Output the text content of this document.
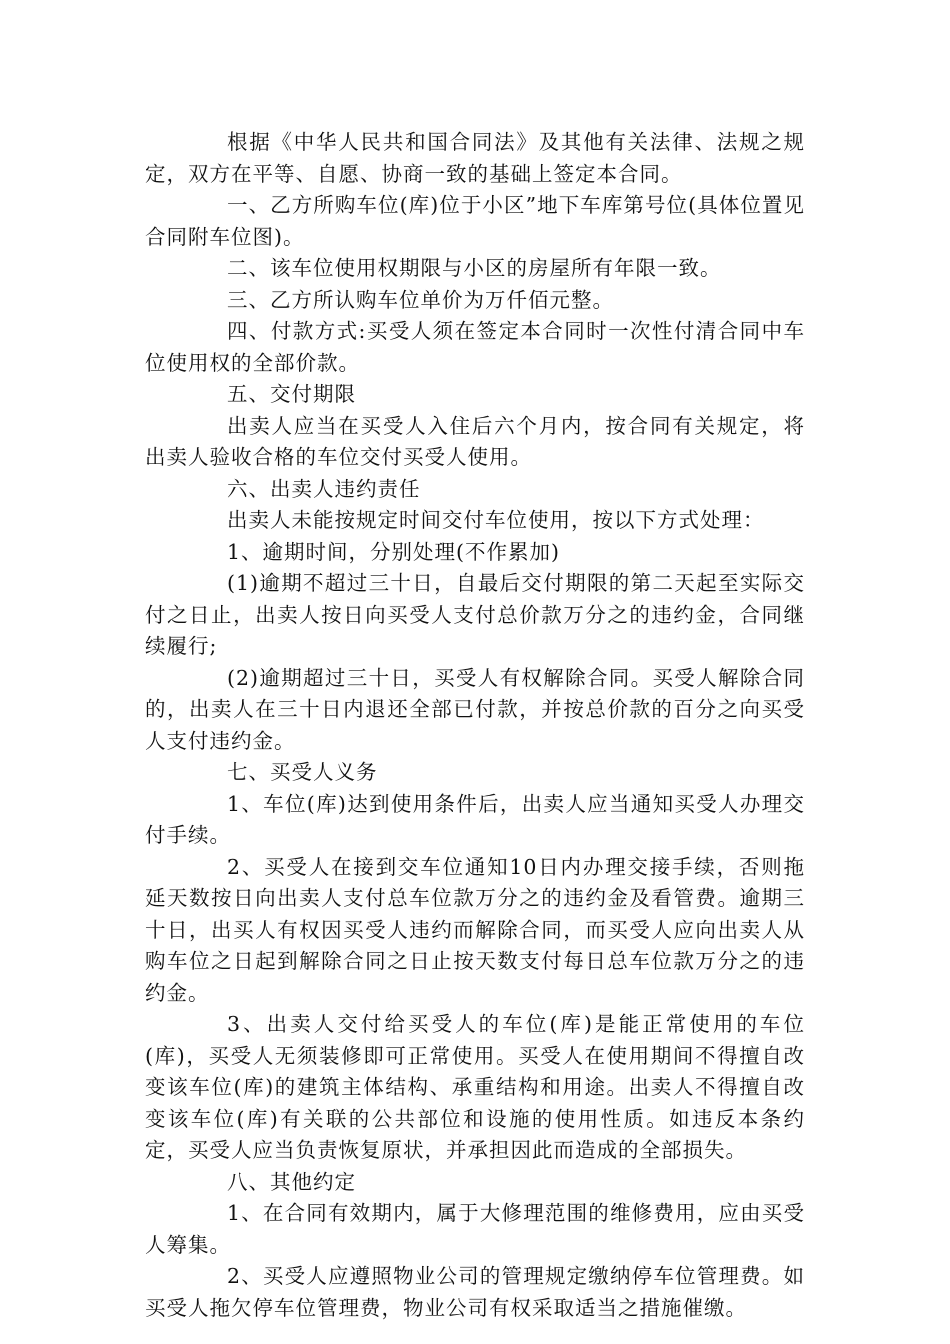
根据《中华人民共和国合同法》及其他有关法律、法规之规定，双方在平等、自愿、协商一致的基础上签定本合同。

一、乙方所购车位(库)位于小区”地下车库第号位(具体位置见合同附车位图)。

二、该车位使用权期限与小区的房屋所有年限一致。

三、乙方所认购车位单价为万仟佰元整。

四、付款方式:买受人须在签定本合同时一次性付清合同中车位使用权的全部价款。

五、交付期限

出卖人应当在买受人入住后六个月内，按合同有关规定，将出卖人验收合格的车位交付买受人使用。

六、出卖人违约责任

出卖人未能按规定时间交付车位使用，按以下方式处理：

1、逾期时间，分别处理(不作累加)

(1)逾期不超过三十日，自最后交付期限的第二天起至实际交付之日止，出卖人按日向买受人支付总价款万分之的违约金，合同继续履行;

(2)逾期超过三十日，买受人有权解除合同。买受人解除合同的，出卖人在三十日内退还全部已付款，并按总价款的百分之向买受人支付违约金。

七、买受人义务

1、车位(库)达到使用条件后，出卖人应当通知买受人办理交付手续。

2、买受人在接到交车位通知10日内办理交接手续，否则拖延天数按日向出卖人支付总车位款万分之的违约金及看管费。逾期三十日，出买人有权因买受人违约而解除合同，而买受人应向出卖人从购车位之日起到解除合同之日止按天数支付每日总车位款万分之的违约金。

3、出卖人交付给买受人的车位(库)是能正常使用的车位(库)，买受人无须装修即可正常使用。买受人在使用期间不得擅自改变该车位(库)的建筑主体结构、承重结构和用途。出卖人不得擅自改变该车位(库)有关联的公共部位和设施的使用性质。如违反本条约定，买受人应当负责恢复原状，并承担因此而造成的全部损失。

八、其他约定

1、在合同有效期内，属于大修理范围的维修费用，应由买受人筹集。

2、买受人应遵照物业公司的管理规定缴纳停车位管理费。如买受人拖欠停车位管理费，物业公司有权采取适当之措施催缴。
